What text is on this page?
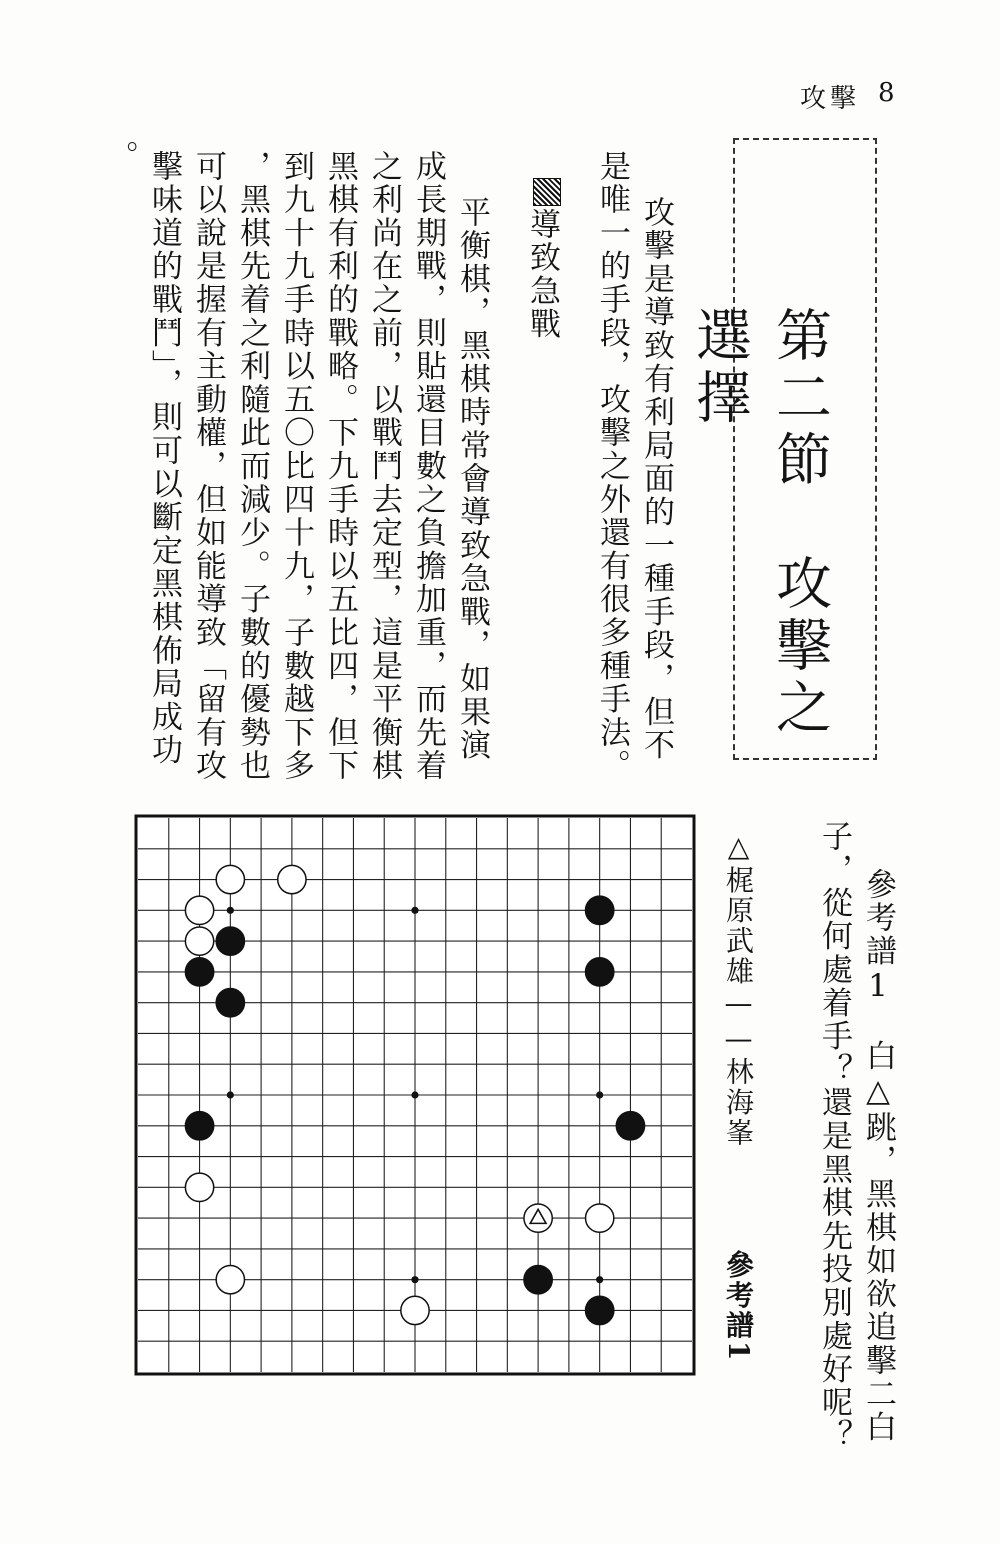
攻擊 8
第二節　攻擊之選擇
攻擊是導致有利局面的一種手段，但不
是唯一的手段，攻擊之外還有很多種手法。
導致急戰
平衡棋，黑棋時常會導致急戰，如果演
成長期戰，則貼還目數之負擔加重，而先着
之利尚在之前，以戰鬥去定型，這是平衡棋
黑棋有利的戰略。下九手時以五比四，但下
到九十九手時以五〇比四十九，子數越下多
，黑棋先着之利隨此而減少。子數的優勢也
可以說是握有主動權，但如能導致「留有攻
擊味道的戰鬥」，則可以斷定黑棋佈局成功
。
△梶原武雄——林海峯
參考譜1	參考譜1　白△跳，黑棋如欲追擊二白
子，從何處着手？還是黑棋先投別處好呢？
